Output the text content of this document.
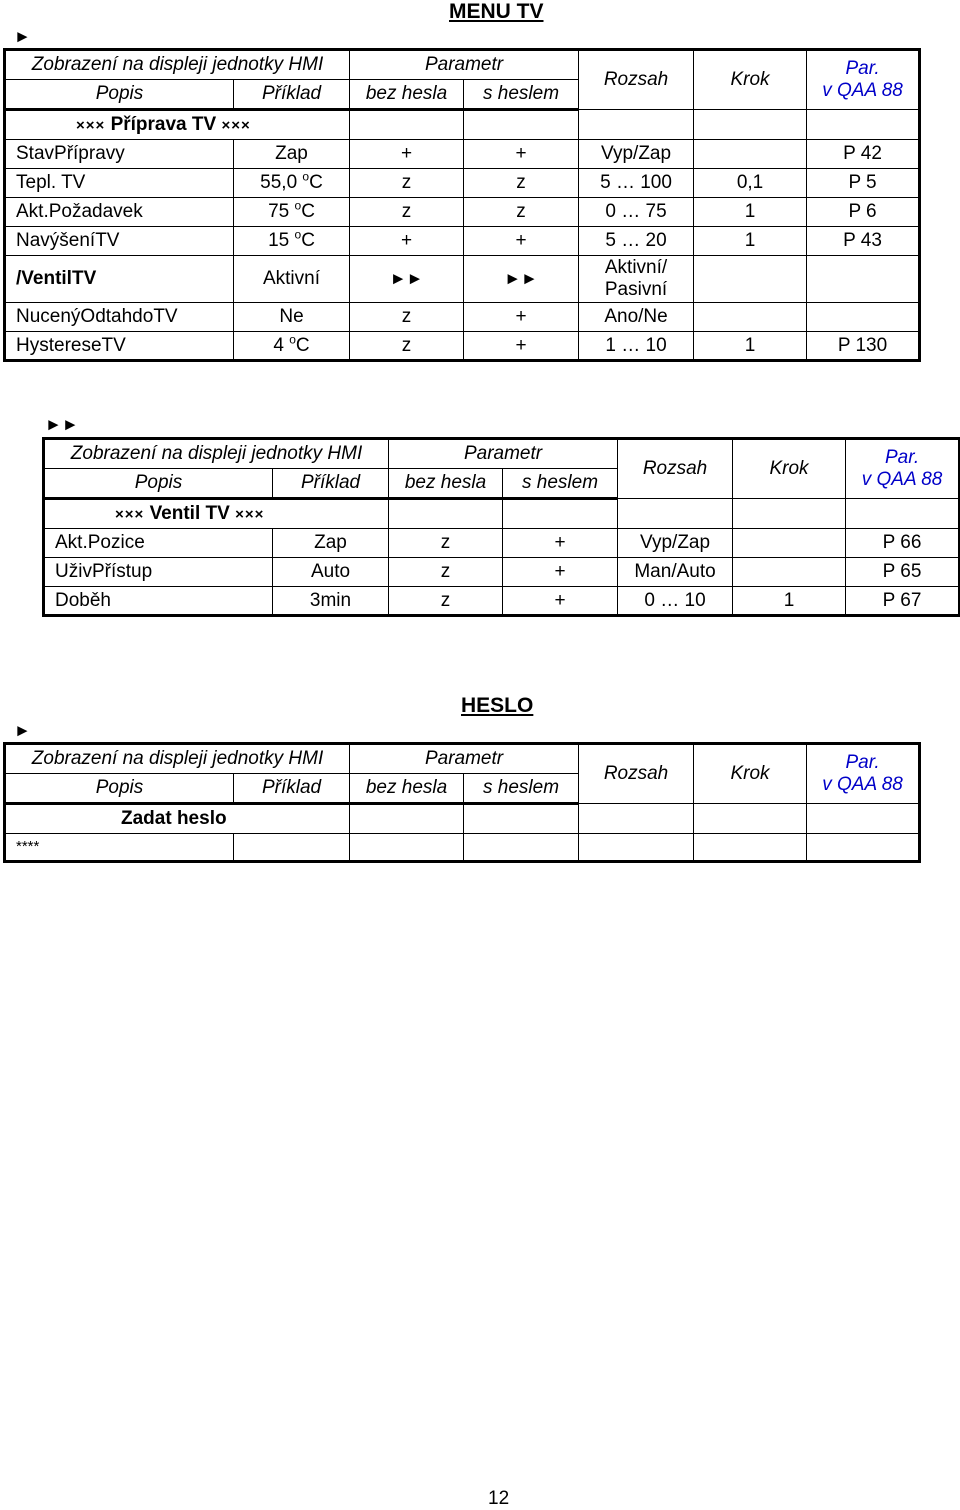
MENU TV
►
Zobrazení na displeji jednotky HMI		Parametr		Rozsah	Krok	Par.
v QAA 88

Popis	Příklad	bez hesla	s heslem			
××× Příprava TV ×××						
StavPřípravy	Zap	+	+	Vyp/Zap		P 42
Tepl. TV	55,0 $^o$C	z	z	5 … 100	0,1	P 5
Akt.Požadavek	75 $^o$C	z	z	0 … 75	1	P 6
NavýšeníTV	15 $^o$C	+	+	5 … 20	1	P 43
/VentilTV	Aktivní	►►	►►	Aktivní/
Pasivní		

NucenýOdtahdoTV	Ne	z	+	Ano/Ne		
HystereseTV	4 $^o$C	z	+	1 … 10	1	P 130
►►
Zobrazení na displeji jednotky HMI		Parametr		Rozsah	Krok	Par.
v QAA 88

Popis	Příklad	bez hesla	s heslem			
××× Ventil TV ×××						
Akt.Pozice	Zap	z	+	Vyp/Zap		P 66
UživPřístup	Auto	z	+	Man/Auto		P 65
Doběh	3min	z	+	0 … 10	1	P 67
HESLO
►
Zobrazení na displeji jednotky HMI		Parametr		Rozsah	Krok	Par.
v QAA 88

Popis	Příklad	bez hesla	s heslem			
Zadat heslo						
****						
12
